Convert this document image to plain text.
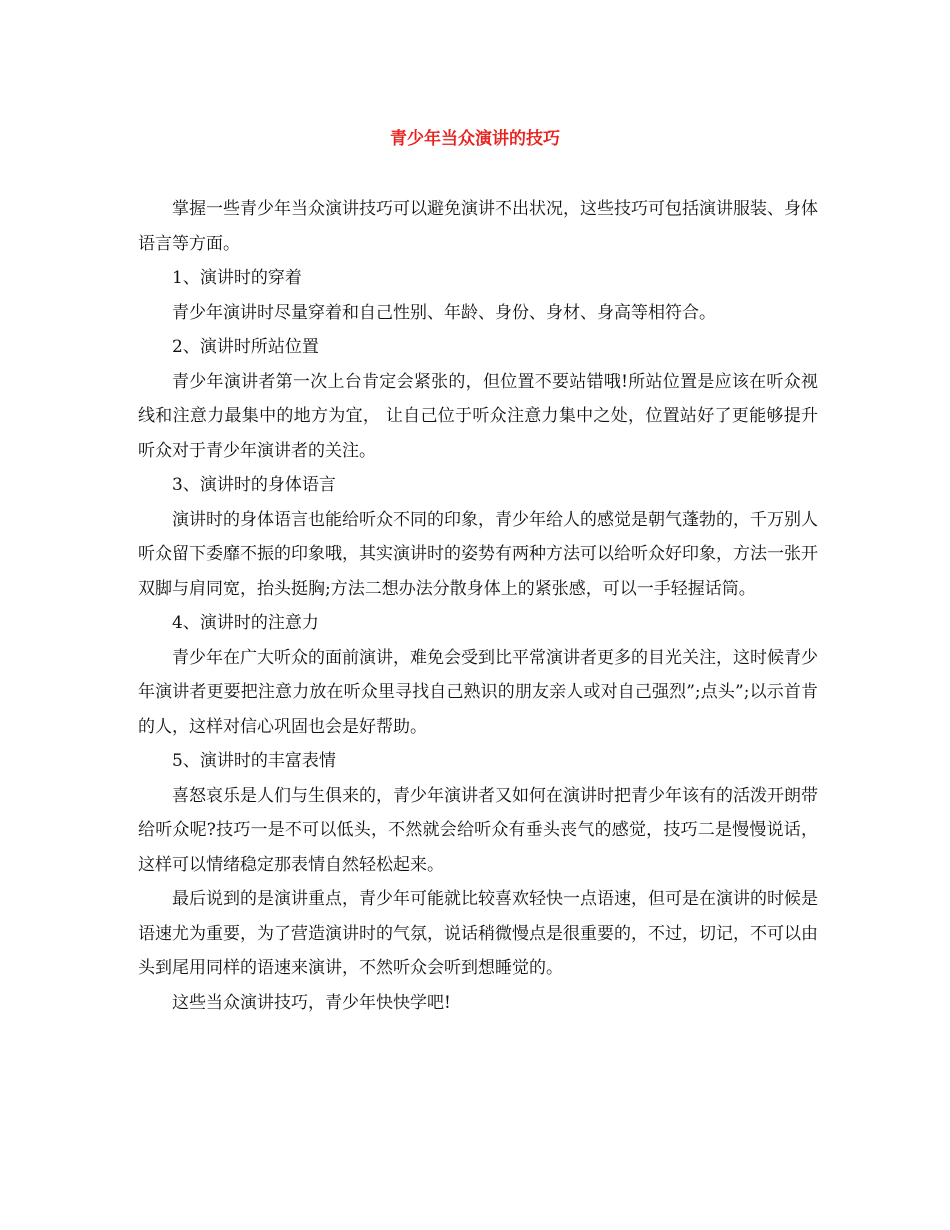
青少年当众演讲的技巧

掌握一些青少年当众演讲技巧可以避免演讲不出状况，这些技巧可包括演讲服装、身体语言等方面。

1、演讲时的穿着

青少年演讲时尽量穿着和自己性别、年龄、身份、身材、身高等相符合。

2、演讲时所站位置

青少年演讲者第一次上台肯定会紧张的，但位置不要站错哦!所站位置是应该在听众视线和注意力最集中的地方为宜， 让自己位于听众注意力集中之处，位置站好了更能够提升听众对于青少年演讲者的关注。

3、演讲时的身体语言

演讲时的身体语言也能给听众不同的印象，青少年给人的感觉是朝气蓬勃的，千万别人听众留下委靡不振的印象哦，其实演讲时的姿势有两种方法可以给听众好印象，方法一张开双脚与肩同宽，抬头挺胸;方法二想办法分散身体上的紧张感，可以一手轻握话筒。

4、演讲时的注意力

青少年在广大听众的面前演讲，难免会受到比平常演讲者更多的目光关注，这时候青少年演讲者更要把注意力放在听众里寻找自己熟识的朋友亲人或对自己强烈”;点头”;以示首肯的人，这样对信心巩固也会是好帮助。

5、演讲时的丰富表情

喜怒哀乐是人们与生俱来的，青少年演讲者又如何在演讲时把青少年该有的活泼开朗带给听众呢?技巧一是不可以低头，不然就会给听众有垂头丧气的感觉，技巧二是慢慢说话，这样可以情绪稳定那表情自然轻松起来。

最后说到的是演讲重点，青少年可能就比较喜欢轻快一点语速，但可是在演讲的时候是语速尤为重要，为了营造演讲时的气氛，说话稍微慢点是很重要的，不过，切记，不可以由头到尾用同样的语速来演讲，不然听众会听到想睡觉的。

这些当众演讲技巧，青少年快快学吧!
